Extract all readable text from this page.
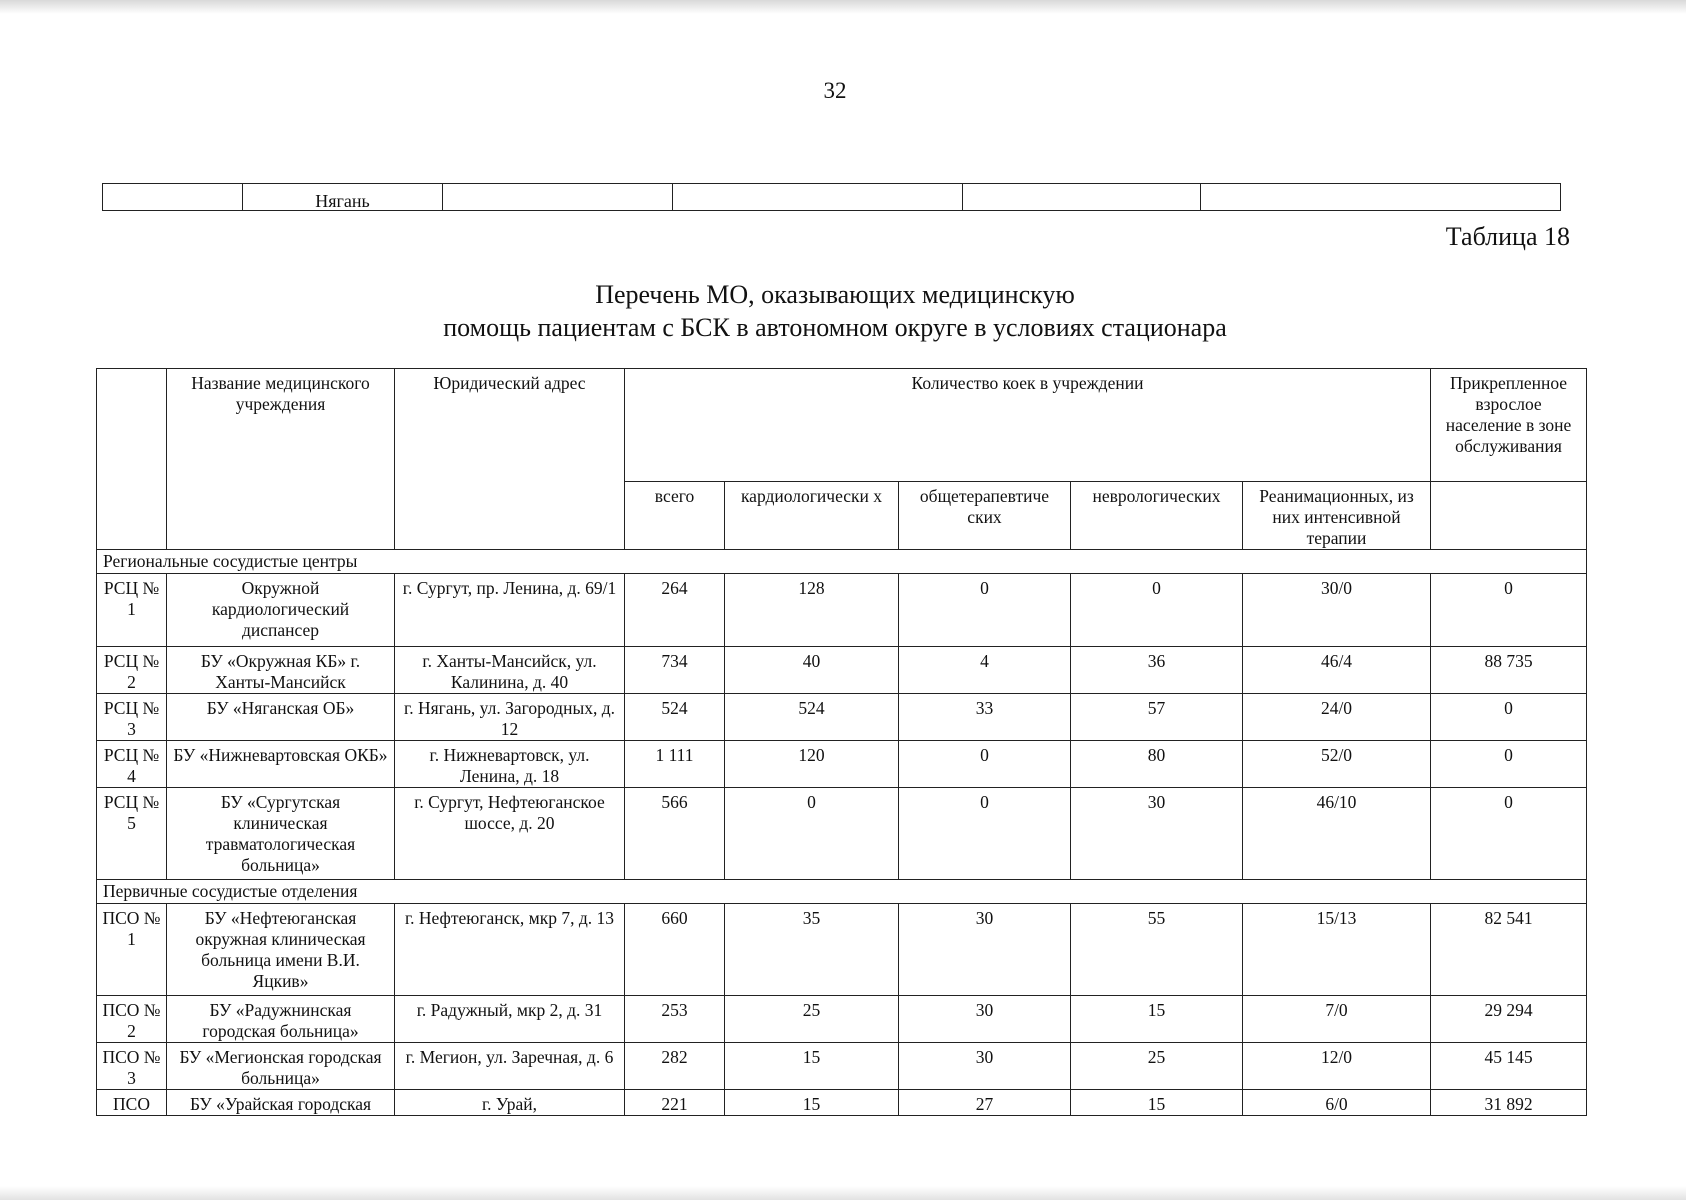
32
	Нягань				
Таблица 18
Перечень МО, оказывающих медицинскую
помощь пациентам с БСК в автономном округе в условиях стационара
	Название медицинского учреждения	Юридический адрес	Количество коек в учреждении					Прикрепленное взрослое население в зоне обслуживания
			всего	кардиологически х	общетерапевтиче ских	неврологических	Реанимационных, из них интенсивной терапии	
Региональные сосудистые центры								
РСЦ № 1	Окружной кардиологический диспансер	г. Сургут, пр. Ленина, д. 69/1	264	128	0	0	30/0	0
РСЦ № 2	БУ «Окружная КБ» г. Ханты-Мансийск	г. Ханты-Мансийск, ул. Калинина, д. 40	734	40	4	36	46/4	88 735
РСЦ № 3	БУ «Няганская ОБ»	г. Нягань, ул. Загородных, д. 12	524	524	33	57	24/0	0
РСЦ № 4	БУ «Нижневартовская ОКБ»	г. Нижневартовск, ул. Ленина, д. 18	1 111	120	0	80	52/0	0
РСЦ № 5	БУ «Сургутская клиническая травматологическая больница»	г. Сургут, Нефтеюганское шоссе, д. 20	566	0	0	30	46/10	0
Первичные сосудистые отделения								
ПСО № 1	БУ «Нефтеюганская окружная клиническая больница имени В.И. Яцкив»	г. Нефтеюганск, мкр 7, д. 13	660	35	30	55	15/13	82 541
ПСО № 2	БУ «Радужнинская городская больница»	г. Радужный, мкр 2, д. 31	253	25	30	15	7/0	29 294
ПСО № 3	БУ «Мегионская городская больница»	г. Мегион, ул. Заречная, д. 6	282	15	30	25	12/0	45 145
ПСО	БУ «Урайская городская	г. Урай,	221	15	27	15	6/0	31 892
